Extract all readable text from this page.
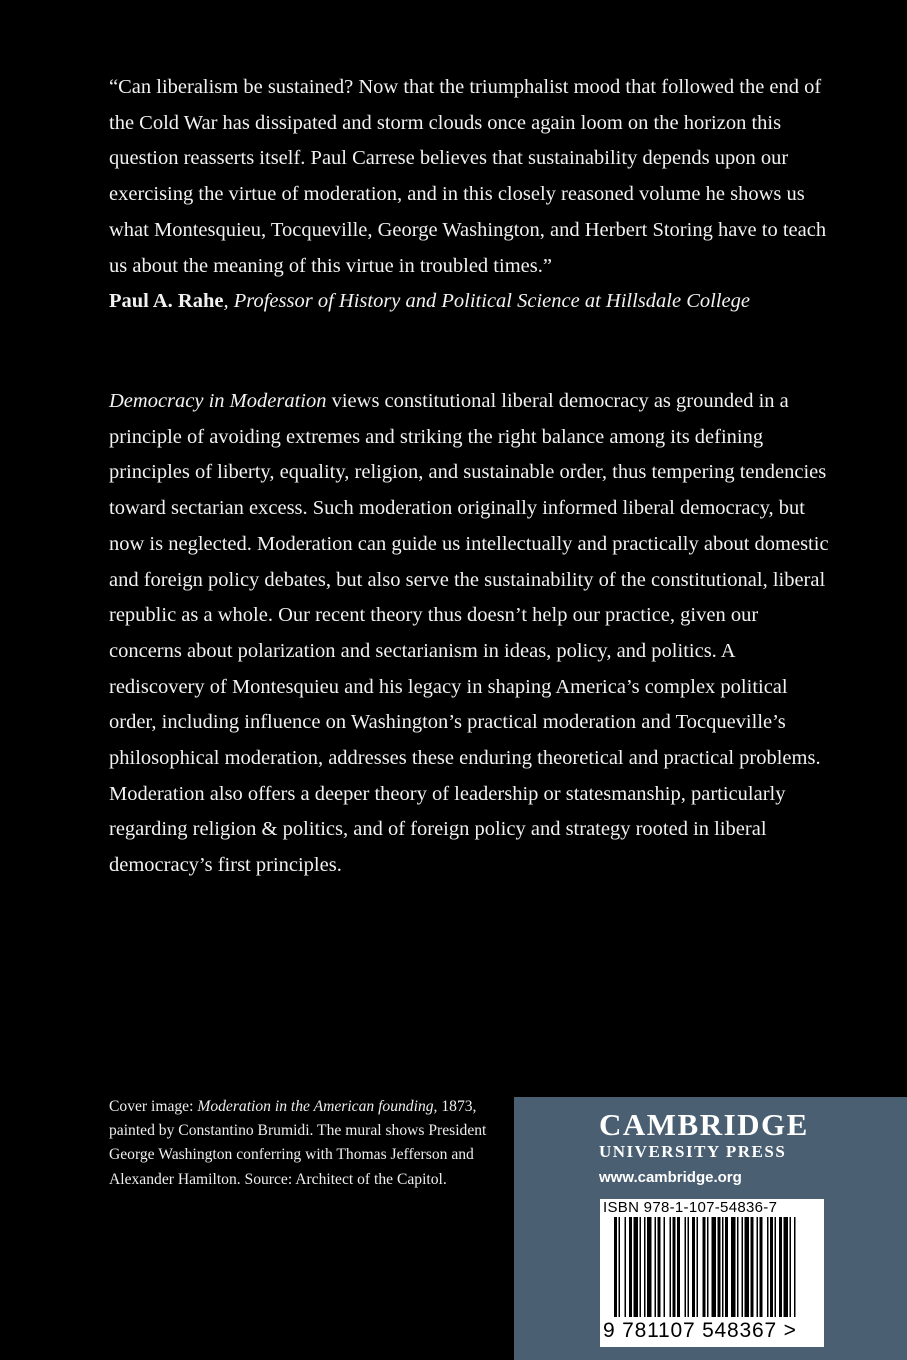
“Can liberalism be sustained? Now that the triumphalist mood that followed the end of the Cold War has dissipated and storm clouds once again loom on the horizon this question reasserts itself. Paul Carrese believes that sustainability depends upon our exercising the virtue of moderation, and in this closely reasoned volume he shows us what Montesquieu, Tocqueville, George Washington, and Herbert Storing have to teach us about the meaning of this virtue in troubled times.”

Paul A. Rahe, Professor of History and Political Science at Hillsdale College

Democracy in Moderation views constitutional liberal democracy as grounded in a principle of avoiding extremes and striking the right balance among its defining principles of liberty, equality, religion, and sustainable order, thus tempering tendencies toward sectarian excess. Such moderation originally informed liberal democracy, but now is neglected. Moderation can guide us intellectually and practically about domestic and foreign policy debates, but also serve the sustainability of the constitutional, liberal republic as a whole. Our recent theory thus doesn’t help our practice, given our concerns about polarization and sectarianism in ideas, policy, and politics. A rediscovery of Montesquieu and his legacy in shaping America’s complex political order, including influence on Washington’s practical moderation and Tocqueville’s philosophical moderation, addresses these enduring theoretical and practical problems. Moderation also offers a deeper theory of leadership or statesmanship, particularly regarding religion & politics, and of foreign policy and strategy rooted in liberal democracy’s first principles.

Cover image: Moderation in the American founding, 1873, painted by Constantino Brumidi. The mural shows President George Washington conferring with Thomas Jefferson and Alexander Hamilton. Source: Architect of the Capitol.

CAMBRIDGE
UNIVERSITY PRESS
www.cambridge.org
ISBN 978-1-107-54836-7
9 781107 548367 >
